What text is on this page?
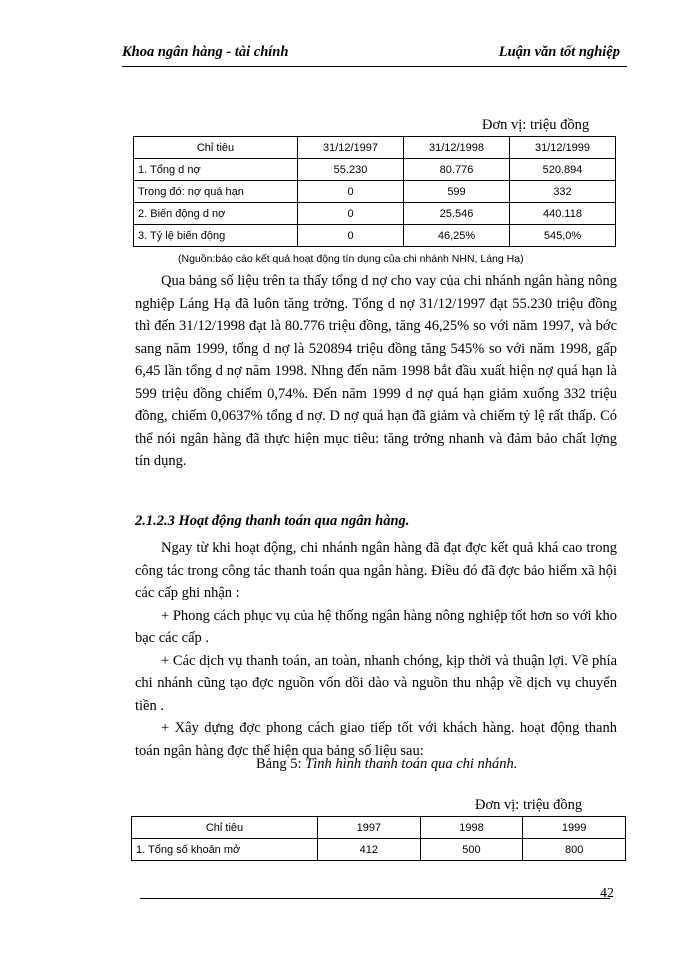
Khoa ngân hàng - tài chính	Luận văn tốt nghiệp
Đơn vị: triệu đồng
Chỉ tiêu	31/12/1997	31/12/1998	31/12/1999
1. Tổng d nợ	55.230	80.776	520.894
Trong đó: nợ quá hạn	0	599	332
2. Biến động d nợ	0	25.546	440.118
3. Tỷ lệ biến động	0	46,25%	545,0%
(Nguồn:báo cáo kết quả hoạt động tín dụng của chi nhánh NHN, Láng Hạ)

Qua bảng số liệu trên ta thấy tổng d nợ cho vay của chi nhánh ngân hàng nông nghiệp Láng Hạ đã luôn tăng trởng. Tổng d nợ 31/12/1997 đạt 55.230 triệu đồng thì đến 31/12/1998 đạt là 80.776 triệu đồng, tăng 46,25% so với năm 1997, và bớc sang năm 1999, tổng d nợ là 520894 triệu đồng tăng 545% so với năm 1998, gấp 6,45 lần tổng d nợ năm 1998. Nhng đến năm 1998 bắt đầu xuất hiện nợ quá hạn là 599 triệu đồng chiếm 0,74%. Đến năm 1999 d nợ quá hạn giảm xuống 332 triệu đồng, chiếm 0,0637% tổng d nợ. D nợ quá hạn đã giảm và chiếm tỷ lệ rất thấp. Có thể nói ngân hàng đã thực hiện mục tiêu: tăng trởng nhanh và đảm bảo chất lợng tín dụng.

2.1.2.3 Hoạt động thanh toán qua ngân hàng.

Ngay từ khi hoạt động, chi nhánh ngân hàng đã đạt đợc kết quả khá cao trong công tác trong công tác thanh toán qua ngân hàng. Điều đó đã đợc bảo hiểm xã hội các cấp ghi nhận :

+ Phong cách phục vụ của hệ thống ngân hàng nông nghiệp tốt hơn so với kho bạc các cấp .

+ Các dịch vụ thanh toán, an toàn, nhanh chóng, kịp thời và thuận lợi. Về phía chi nhánh cũng tạo đợc nguồn vốn dồi dào và nguồn thu nhập về dịch vụ chuyển tiền .

+ Xây dựng đợc phong cách giao tiếp tốt với khách hàng. hoạt động thanh toán ngân hàng đợc thể hiện qua bảng số liệu sau:

Bảng 5: Tình hình thanh toán qua chi nhánh.
Đơn vị: triệu đồng
Chỉ tiêu	1997	1998	1999
1. Tổng số khoản mở	412	500	800
42
